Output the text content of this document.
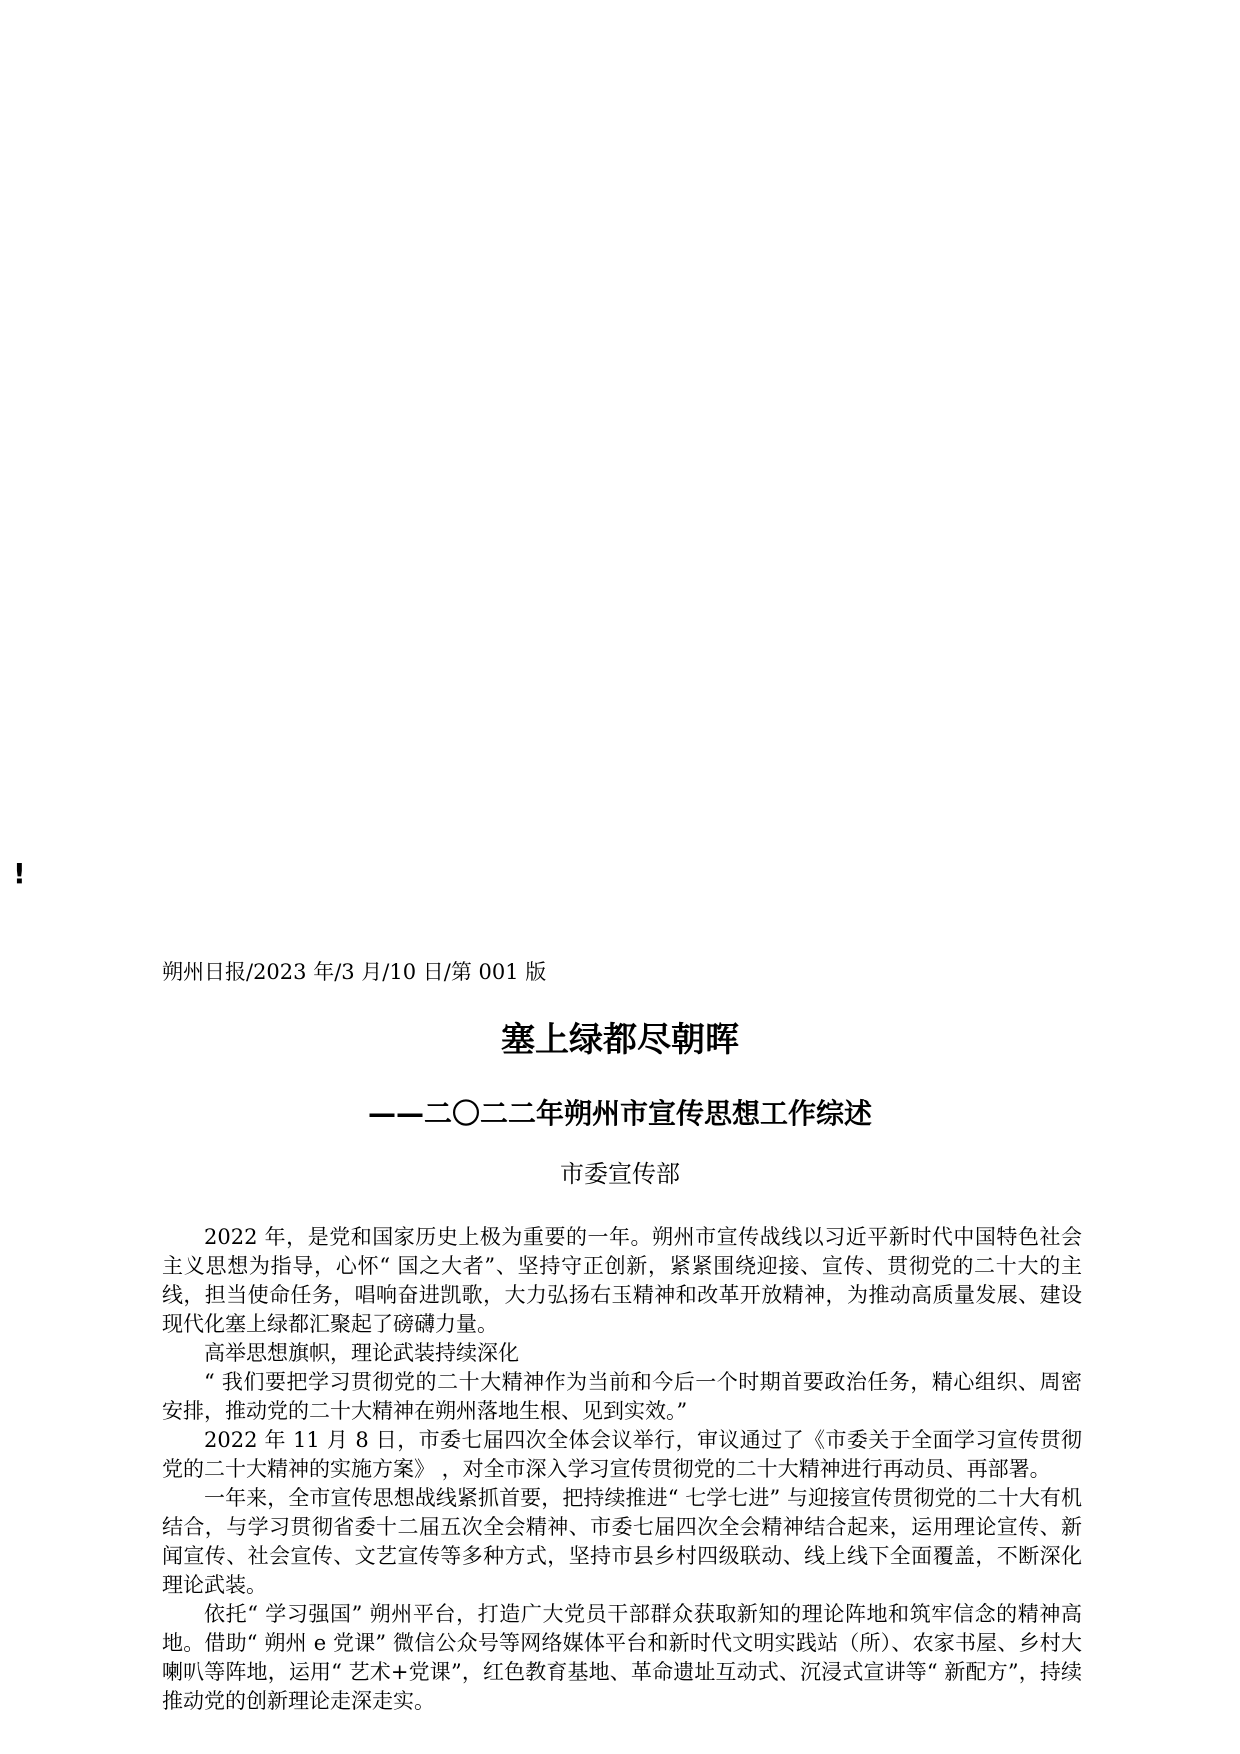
!
朔州日报/2023 年/3 月/10 日/第 001 版
塞上绿都尽朝晖
——二〇二二年朔州市宣传思想工作综述
市委宣传部

2022 年，是党和国家历史上极为重要的一年。朔州市宣传战线以习近平新时代中国特色社会主义思想为指导，心怀“ 国之大者”、坚持守正创新，紧紧围绕迎接、宣传、贯彻党的二十大的主线，担当使命任务，唱响奋进凯歌，大力弘扬右玉精神和改革开放精神，为推动高质量发展、建设现代化塞上绿都汇聚起了磅礴力量。

高举思想旗帜，理论武装持续深化

“ 我们要把学习贯彻党的二十大精神作为当前和今后一个时期首要政治任务，精心组织、周密安排，推动党的二十大精神在朔州落地生根、见到实效。”

2022 年 11 月 8 日，市委七届四次全体会议举行，审议通过了《市委关于全面学习宣传贯彻党的二十大精神的实施方案》 ，对全市深入学习宣传贯彻党的二十大精神进行再动员、再部署。

一年来，全市宣传思想战线紧抓首要，把持续推进“ 七学七进” 与迎接宣传贯彻党的二十大有机结合，与学习贯彻省委十二届五次全会精神、市委七届四次全会精神结合起来，运用理论宣传、新闻宣传、社会宣传、文艺宣传等多种方式，坚持市县乡村四级联动、线上线下全面覆盖，不断深化理论武装。

依托“ 学习强国” 朔州平台，打造广大党员干部群众获取新知的理论阵地和筑牢信念的精神高地。借助“ 朔州 e 党课” 微信公众号等网络媒体平台和新时代文明实践站（所）、农家书屋、乡村大喇叭等阵地，运用“ 艺术+党课”，红色教育基地、革命遗址互动式、沉浸式宣讲等“ 新配方”，持续推动党的创新理论走深走实。
